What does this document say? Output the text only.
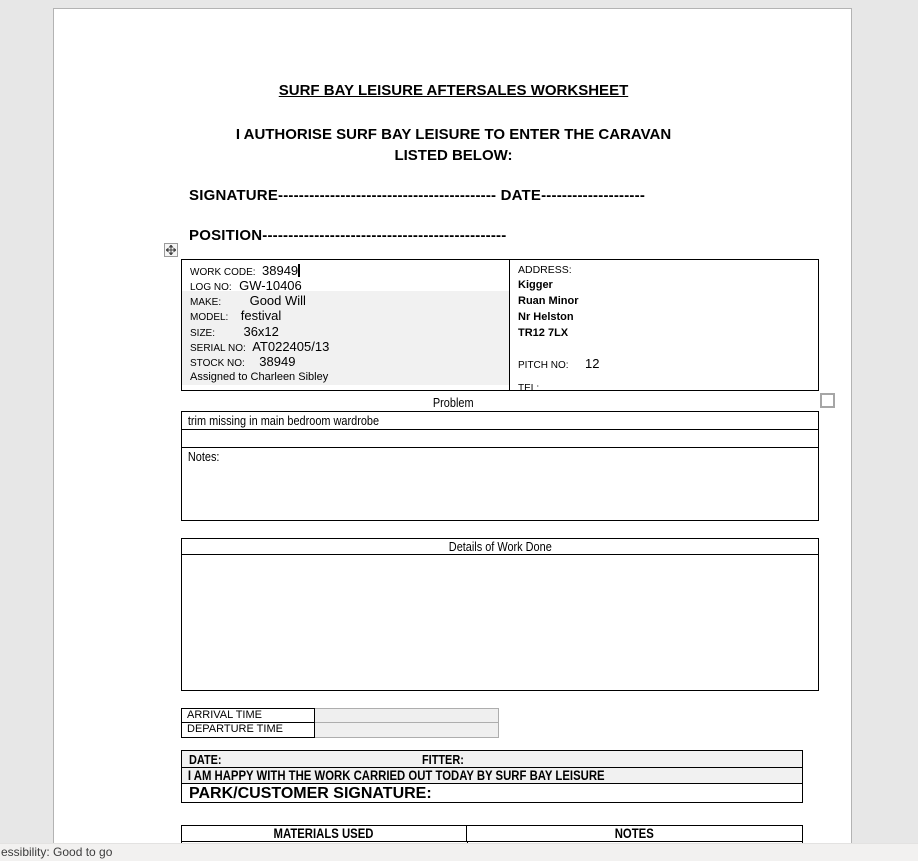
SURF BAY LEISURE AFTERSALES WORKSHEET
I AUTHORISE SURF BAY LEISURE TO ENTER THE CARAVAN
LISTED BELOW:
SIGNATURE------------------------------------------ DATE--------------------
POSITION-----------------------------------------------
WORK CODE: 38949
LOG NO: GW-10406
MAKE: Good Will
MODEL: festival
SIZE: 36x12
SERIAL NO: AT022405/13
STOCK NO: 38949
Assigned to Charleen Sibley
ADDRESS:
Kigger
Ruan Minor
Nr Helston
TR12 7LX
PITCH NO: 12
TEL:
Problem
trim missing in main bedroom wardrobe
Notes:
Details of Work Done
ARRIVAL TIME
DEPARTURE TIME
DATE:	FITTER:
I AM HAPPY WITH THE WORK CARRIED OUT TODAY BY SURF BAY LEISURE
PARK/CUSTOMER SIGNATURE:
MATERIALS USED	NOTES
essibility: Good to go
